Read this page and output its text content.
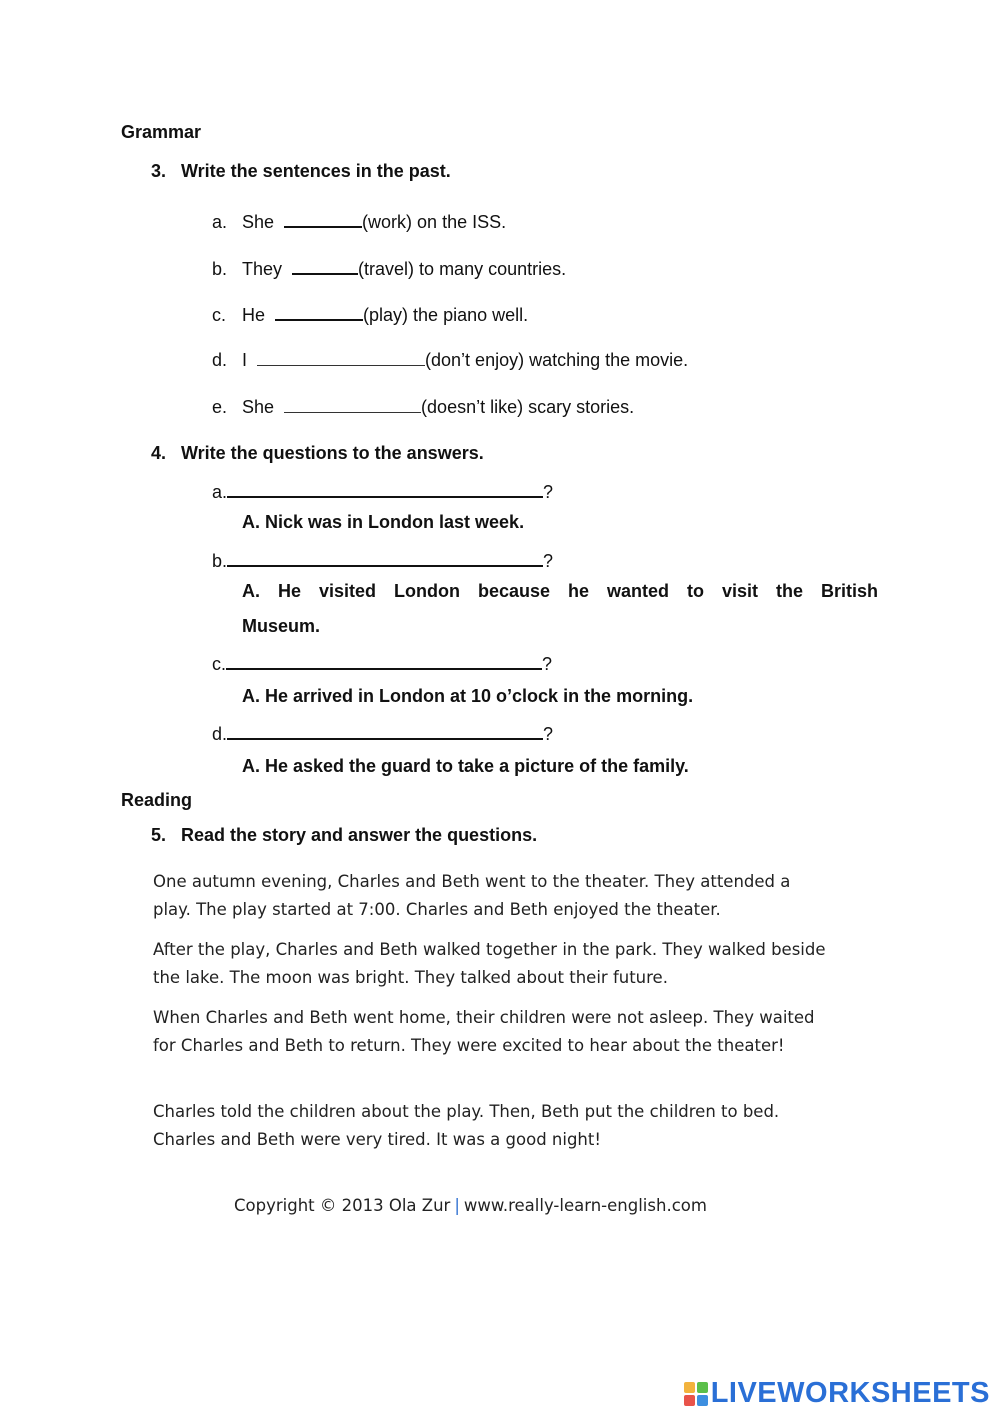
Grammar
3. Write the sentences in the past.
a. She	(work) on the ISS.
b. They	(travel) to many countries.
c. He	(play) the piano well.
d. I	(don’t enjoy) watching the movie.
e. She	(doesn’t like) scary stories.
4. Write the questions to the answers.
a.	?
A. Nick was in London last week.
b.	?
A. He visited London because he wanted to visit the British
Museum.
c.	?
A. He arrived in London at 10 o’clock in the morning.
d.	?
A. He asked the guard to take a picture of the family.
Reading
5. Read the story and answer the questions.

One autumn evening, Charles and Beth went to the theater. They attended a play. The play started at 7:00. Charles and Beth enjoyed the theater.

After the play, Charles and Beth walked together in the park. They walked beside the lake. The moon was bright. They talked about their future.

When Charles and Beth went home, their children were not asleep. They waited for Charles and Beth to return. They were excited to hear about the theater!

Charles told the children about the play. Then, Beth put the children to bed. Charles and Beth were very tired. It was a good night!

Copyright © 2013 Ola Zur | www.really-learn-english.com
LIVEWORKSHEETS
